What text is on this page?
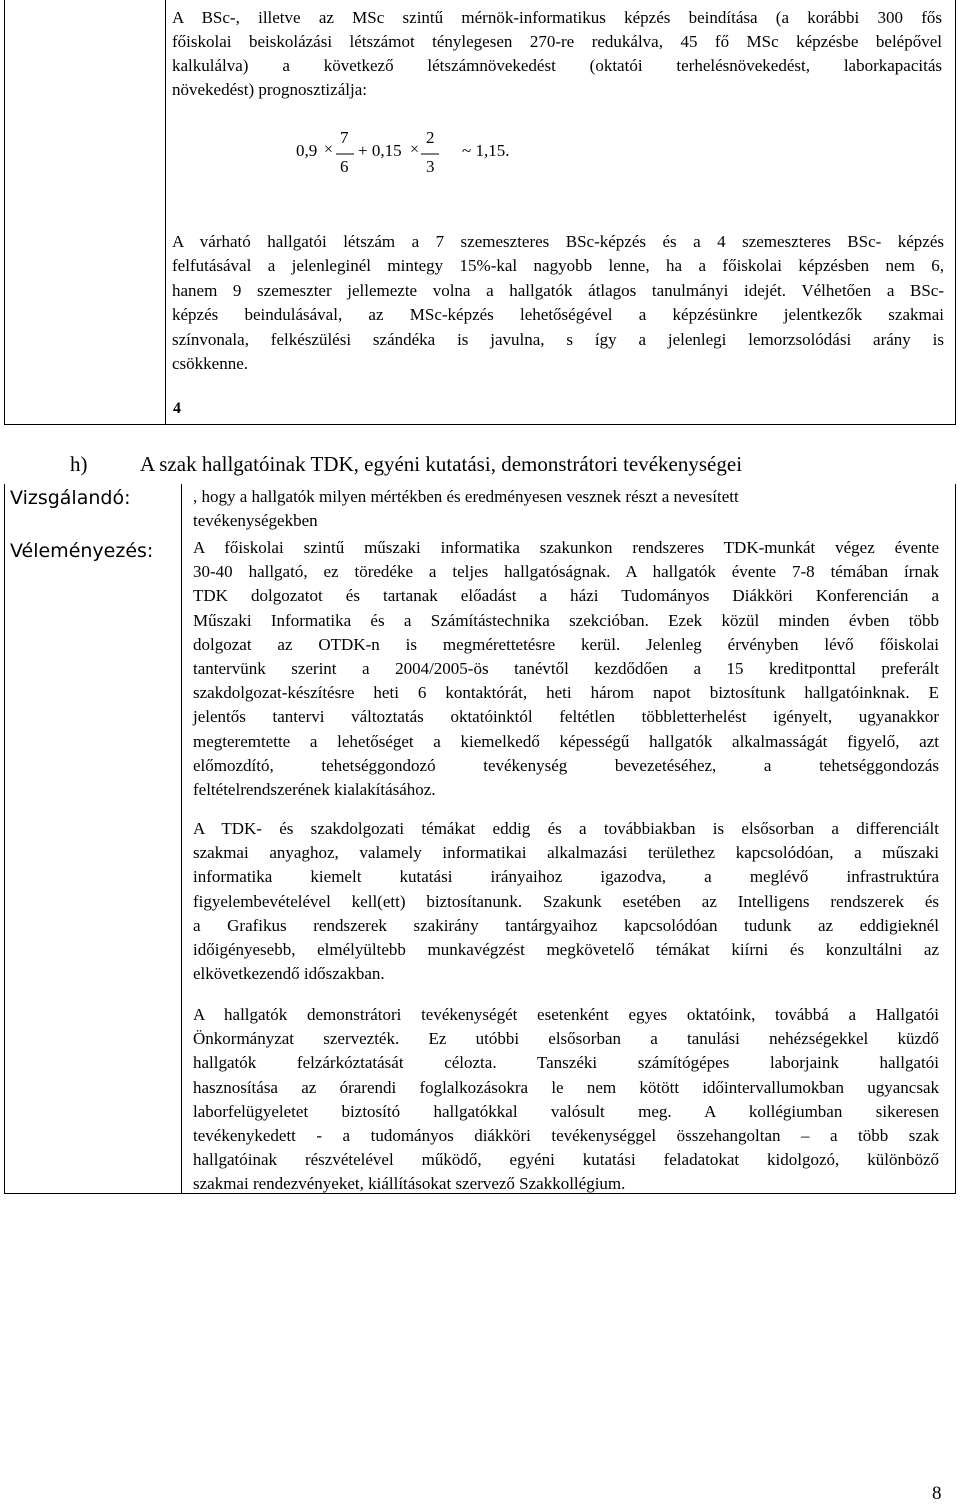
A BSc-, illetve az MSc szintű mérnök-informatikus képzés beindítása (a korábbi 300 fős
főiskolai beiskolázási létszámot ténylegesen 270-re redukálva, 45 fő MSc képzésbe belépővel
kalkulálva) a következő létszámnövekedést (oktatói terhelésnövekedést, laborkapacitás
növekedést) prognosztizálja:
0,9 ×
7
6
+ 0,15 ×
2
3
~ 1,15.
A várható hallgatói létszám a 7 szemeszteres BSc-képzés és a 4 szemeszteres BSc- képzés
felfutásával a jelenleginél mintegy 15%-kal nagyobb lenne, ha a főiskolai képzésben nem 6,
hanem 9 szemeszter jellemezte volna a hallgatók átlagos tanulmányi idejét. Vélhetően a BSc-
képzés beindulásával, az MSc-képzés lehetőségével a képzésünkre jelentkezők szakmai
színvonala, felkészülési szándéka is javulna, s így a jelenlegi lemorzsolódási arány is
csökkenne.
4
h)	A szak hallgatóinak TDK, egyéni kutatási, demonstrátori tevékenységei
Vizsgálandó:
Véleményezés:
, hogy a hallgatók milyen mértékben és eredményesen vesznek részt a nevesített
tevékenységekben
A főiskolai szintű műszaki informatika szakunkon rendszeres TDK-munkát végez évente
30-40 hallgató, ez töredéke a teljes hallgatóságnak. A hallgatók évente 7-8 témában írnak
TDK dolgozatot és tartanak előadást a házi Tudományos Diákköri Konferencián a
Műszaki Informatika és a Számítástechnika szekcióban. Ezek közül minden évben több
dolgozat az OTDK-n is megmérettetésre kerül. Jelenleg érvényben lévő főiskolai
tantervünk szerint a 2004/2005-ös tanévtől kezdődően a 15 kreditponttal preferált
szakdolgozat-készítésre heti 6 kontaktórát, heti három napot biztosítunk hallgatóinknak. E
jelentős tantervi változtatás oktatóinktól feltétlen többletterhelést igényelt, ugyanakkor
megteremtette a lehetőséget a kiemelkedő képességű hallgatók alkalmasságát figyelő, azt
előmozdító, tehetséggondozó tevékenység bevezetéséhez, a tehetséggondozás
feltételrendszerének kialakításához.
A TDK- és szakdolgozati témákat eddig és a továbbiakban is elsősorban a differenciált
szakmai anyaghoz, valamely informatikai alkalmazási területhez kapcsolódóan, a műszaki
informatika kiemelt kutatási irányaihoz igazodva, a meglévő infrastruktúra
figyelembevételével kell(ett) biztosítanunk. Szakunk esetében az Intelligens rendszerek és
a Grafikus rendszerek szakirány tantárgyaihoz kapcsolódóan tudunk az eddigieknél
időigényesebb, elmélyültebb munkavégzést megkövetelő témákat kiírni és konzultálni az
elkövetkezendő időszakban.
A hallgatók demonstrátori tevékenységét esetenként egyes oktatóink, továbbá a Hallgatói
Önkormányzat szervezték. Ez utóbbi elsősorban a tanulási nehézségekkel küzdő
hallgatók felzárkóztatását célozta. Tanszéki számítógépes laborjaink hallgatói
hasznosítása az órarendi foglalkozásokra le nem kötött időintervallumokban ugyancsak
laborfelügyeletet biztosító hallgatókkal valósult meg. A kollégiumban sikeresen
tevékenykedett - a tudományos diákköri tevékenységgel összehangoltan – a több szak
hallgatóinak részvételével működő, egyéni kutatási feladatokat kidolgozó, különböző
szakmai rendezvényeket, kiállításokat szervező Szakkollégium.
8
